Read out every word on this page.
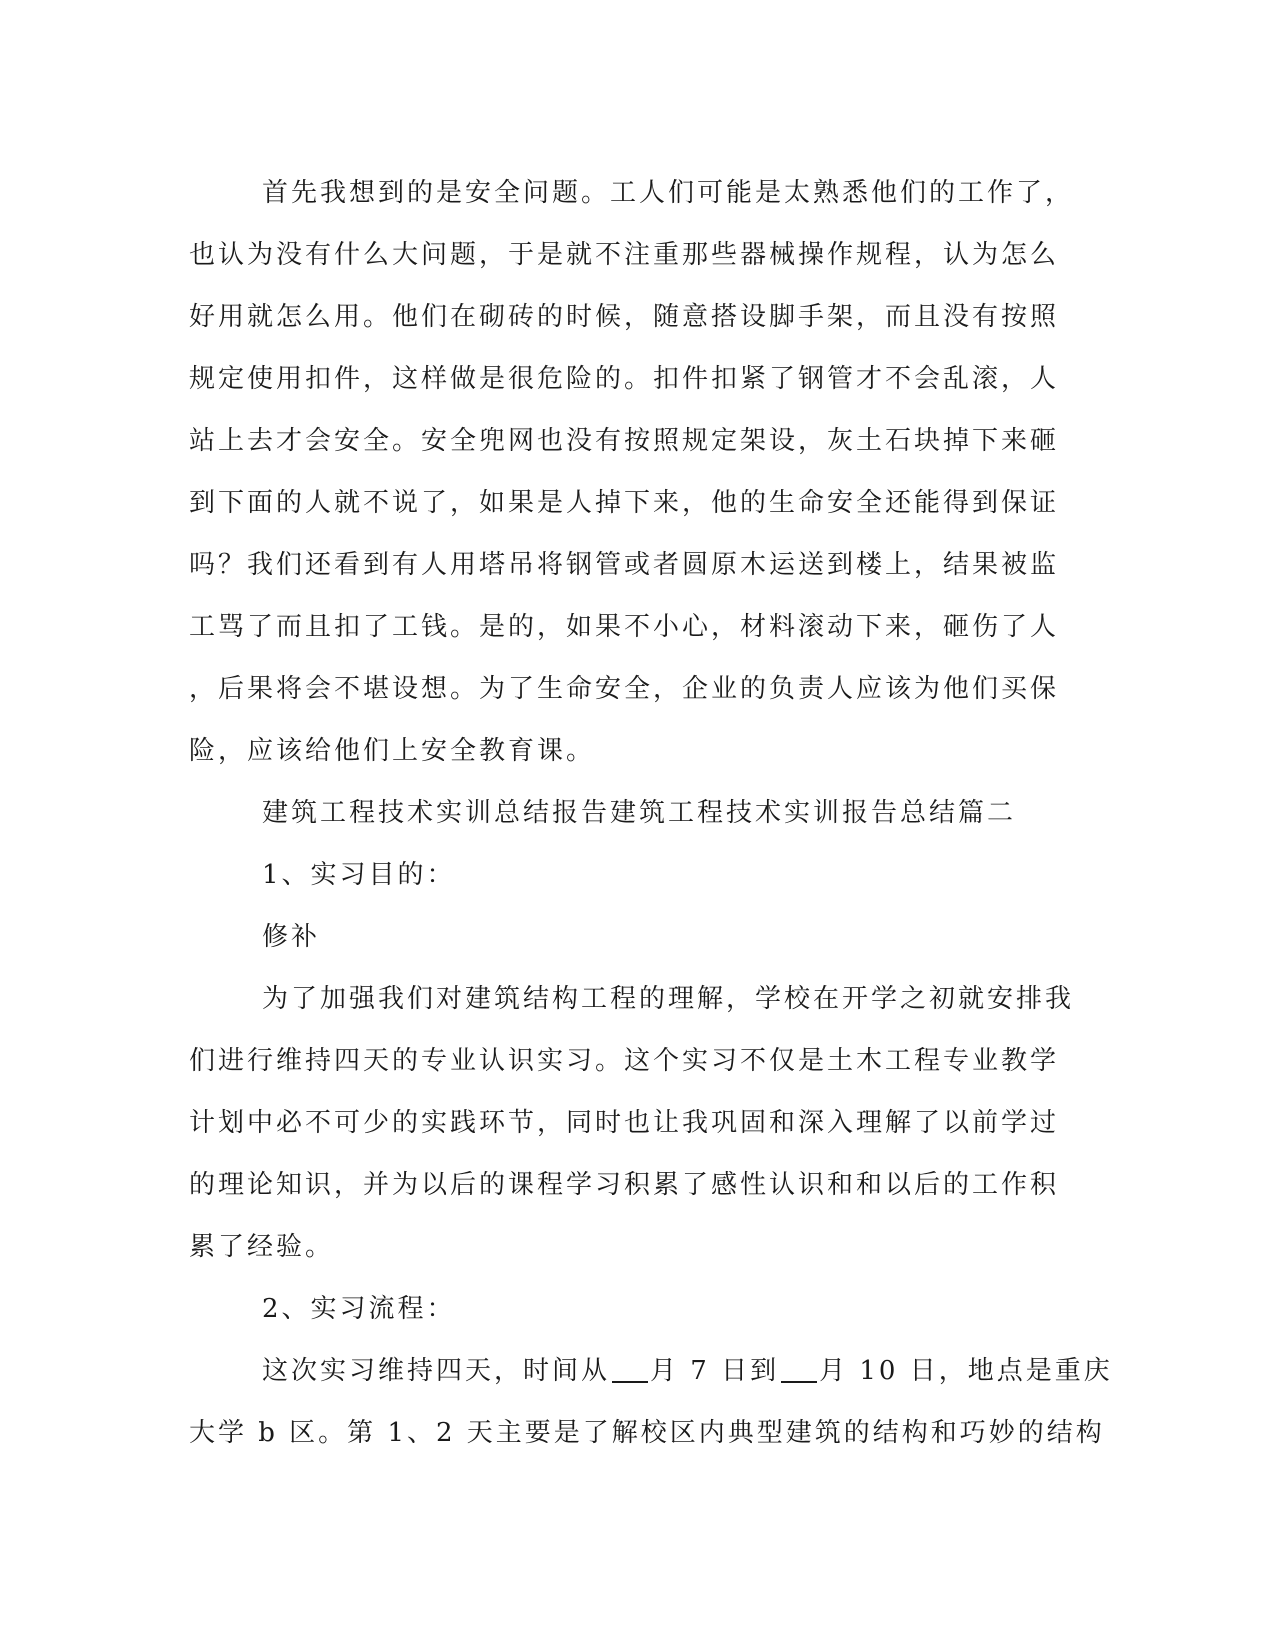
首先我想到的是安全问题。工人们可能是太熟悉他们的工作了，
也认为没有什么大问题，于是就不注重那些器械操作规程，认为怎么
好用就怎么用。他们在砌砖的时候，随意搭设脚手架，而且没有按照
规定使用扣件，这样做是很危险的。扣件扣紧了钢管才不会乱滚，人
站上去才会安全。安全兜网也没有按照规定架设，灰土石块掉下来砸
到下面的人就不说了，如果是人掉下来，他的生命安全还能得到保证
吗？我们还看到有人用塔吊将钢管或者圆原木运送到楼上，结果被监
工骂了而且扣了工钱。是的，如果不小心，材料滚动下来，砸伤了人
，后果将会不堪设想。为了生命安全，企业的负责人应该为他们买保
险，应该给他们上安全教育课。
建筑工程技术实训总结报告建筑工程技术实训报告总结篇二
1、实习目的：
修补
为了加强我们对建筑结构工程的理解，学校在开学之初就安排我
们进行维持四天的专业认识实习。这个实习不仅是土木工程专业教学
计划中必不可少的实践环节，同时也让我巩固和深入理解了以前学过
的理论知识，并为以后的课程学习积累了感性认识和和以后的工作积
累了经验。
2、实习流程：
这次实习维持四天，时间从 月 7 日到 月 10 日，地点是重庆
大学 b 区。第 1、2 天主要是了解校区内典型建筑的结构和巧妙的结构
